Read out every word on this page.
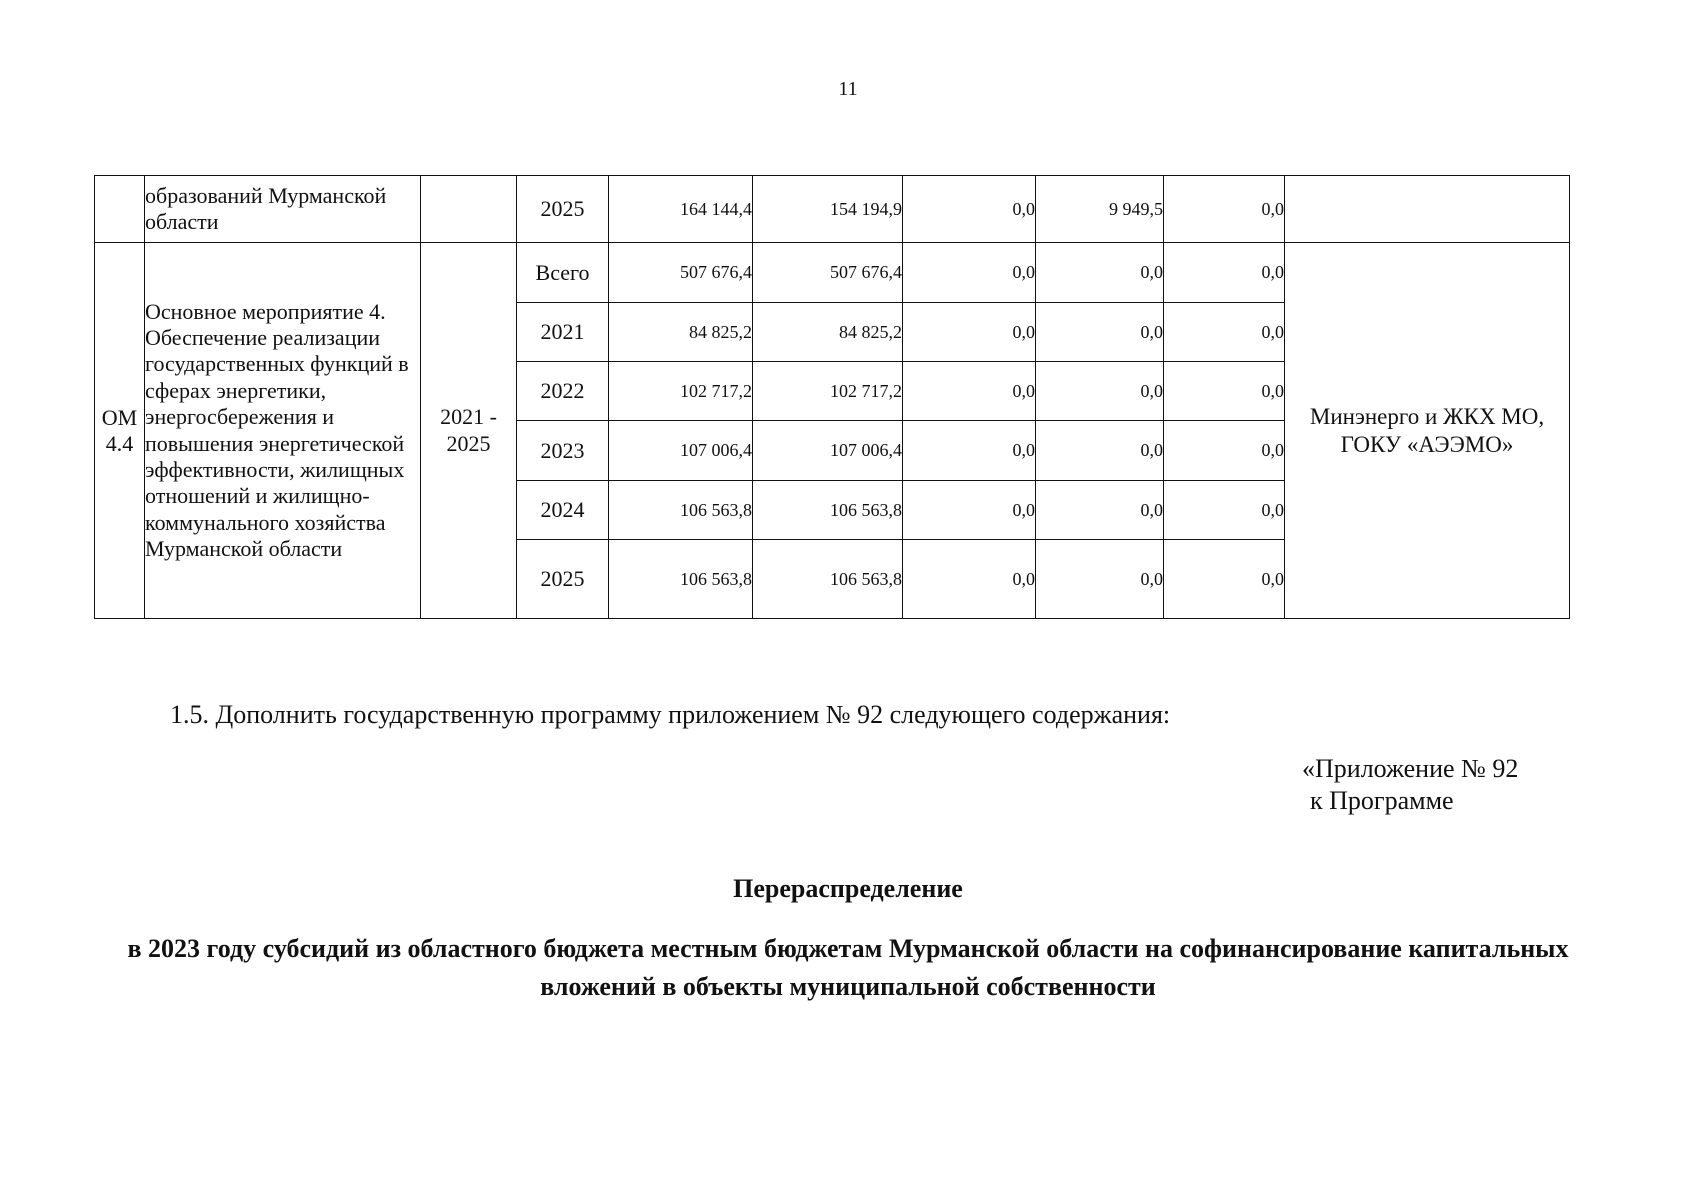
11
	образований Мурманской области		2025	164 144,4	154 194,9	0,0	9 949,5	0,0	
ОМ 4.4	Основное мероприятие 4. Обеспечение реализации государственных функций в сферах энергетики, энергосбережения и повышения энергетической эффективности, жилищных отношений и жилищно-коммунального хозяйства Мурманской области	2021 - 2025	Всего	507 676,4	507 676,4	0,0	0,0	0,0	Минэнерго и ЖКХ МО, ГОКУ «АЭЭМО»
			2021	84 825,2	84 825,2	0,0	0,0	0,0	
			2022	102 717,2	102 717,2	0,0	0,0	0,0	
			2023	107 006,4	107 006,4	0,0	0,0	0,0	
			2024	106 563,8	106 563,8	0,0	0,0	0,0	
			2025	106 563,8	106 563,8	0,0	0,0	0,0	
1.5. Дополнить государственную программу приложением № 92 следующего содержания:
«Приложение № 92
к Программе
Перераспределение
в 2023 году субсидий из областного бюджета местным бюджетам Мурманской области на софинансирование капитальных вложений в объекты муниципальной собственности
